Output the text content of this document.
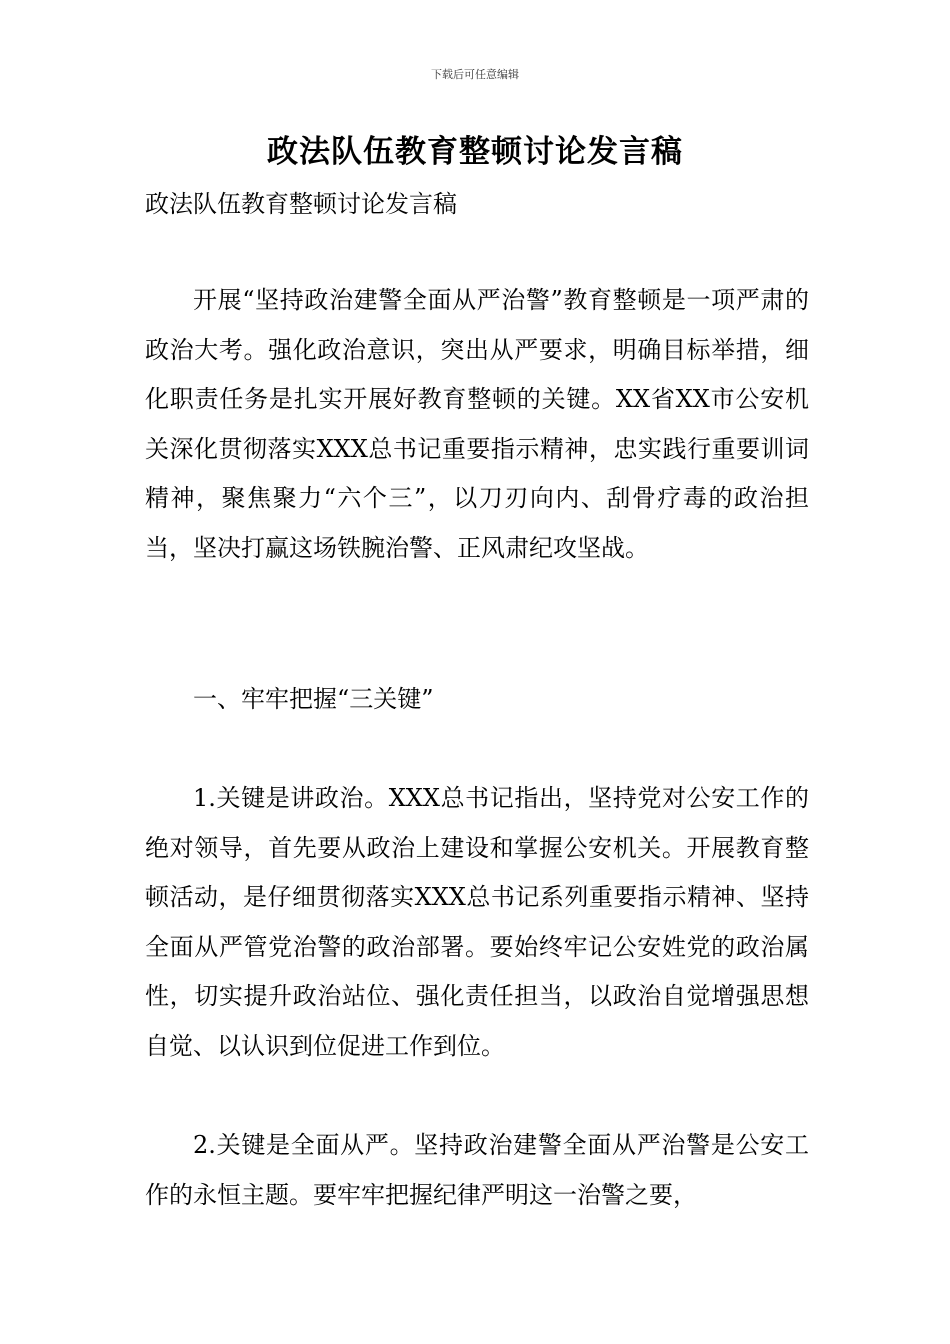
下载后可任意编辑
政法队伍教育整顿讨论发言稿
政法队伍教育整顿讨论发言稿
开展“坚持政治建警全面从严治警”教育整顿是一项严肃的政治大考。强化政治意识，突出从严要求，明确目标举措，细化职责任务是扎实开展好教育整顿的关键。XX省XX市公安机关深化贯彻落实XXX总书记重要指示精神，忠实践行重要训词精神，聚焦聚力“六个三”，以刀刃向内、刮骨疗毒的政治担当，坚决打赢这场铁腕治警、正风肃纪攻坚战。
一、牢牢把握“三关键”
1.关键是讲政治。XXX总书记指出，坚持党对公安工作的绝对领导，首先要从政治上建设和掌握公安机关。开展教育整顿活动，是仔细贯彻落实XXX总书记系列重要指示精神、坚持全面从严管党治警的政治部署。要始终牢记公安姓党的政治属性，切实提升政治站位、强化责任担当，以政治自觉增强思想自觉、以认识到位促进工作到位。
2.关键是全面从严。坚持政治建警全面从严治警是公安工作的永恒主题。要牢牢把握纪律严明这一治警之要，
